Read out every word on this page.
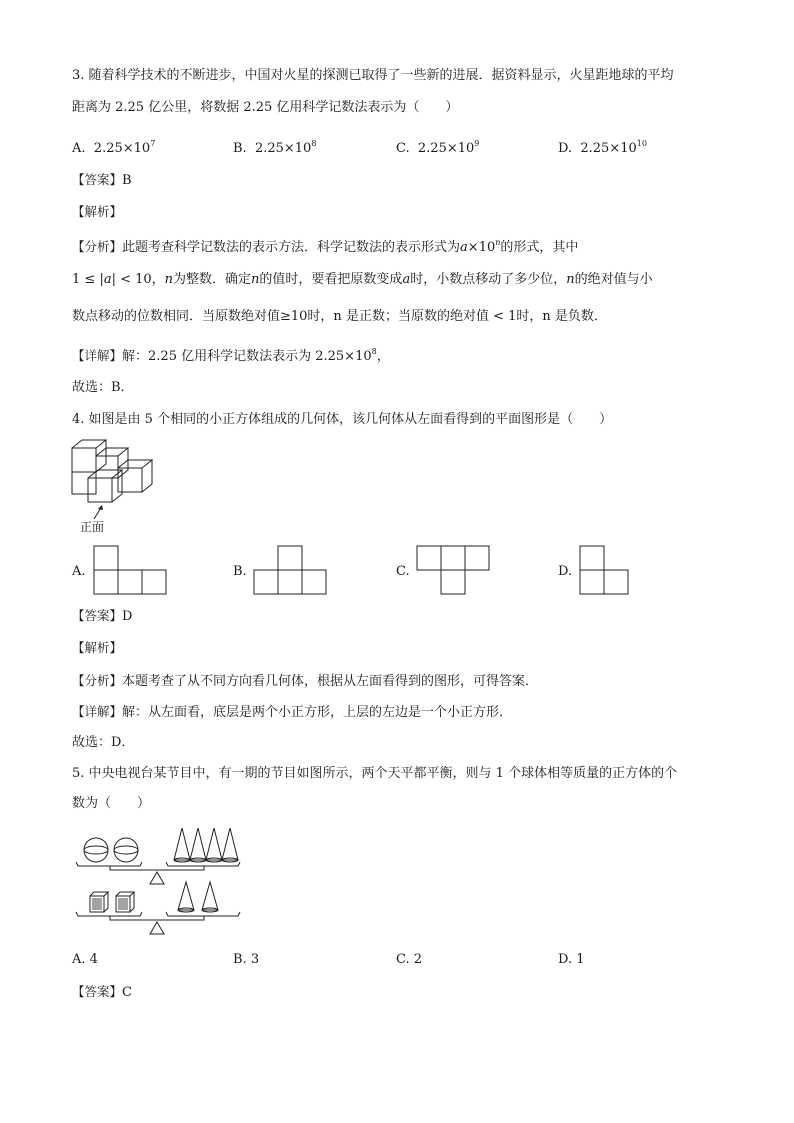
3. 随着科学技术的不断进步，中国对火星的探测已取得了一些新的进展．据资料显示，火星距地球的平均
距离为 2.25 亿公里，将数据 2.25 亿用科学记数法表示为（　　）
A. $2.25\times 10^7$	B. $2.25\times 10^8$	C. $2.25\times 10^9$	D. $2.25\times 10^{10}$
【答案】B
【解析】
【分析】此题考查科学记数法的表示方法．科学记数法的表示形式为$a\times 10^n$的形式，其中
1 ≤ |a| < 10，n为整数．确定n的值时，要看把原数变成a时，小数点移动了多少位，n的绝对值与小
数点移动的位数相同．当原数绝对值≥10时，n 是正数；当原数的绝对值 < 1时，n 是负数．
【详解】解：2.25 亿用科学记数法表示为 $2.25\times 10^8$，
故选：B．
4. 如图是由 5 个相同的小正方体组成的几何体，该几何体从左面看得到的平面图形是（　　）
正面
A.	B.	C.	D.
【答案】D
【解析】
【分析】本题考查了从不同方向看几何体，根据从左面看得到的图形，可得答案．
【详解】解：从左面看，底层是两个小正方形，上层的左边是一个小正方形．
故选：D．
5. 中央电视台某节目中，有一期的节目如图所示，两个天平都平衡，则与 1 个球体相等质量的正方体的个
数为（　　）
A. 4	B. 3	C. 2	D. 1
【答案】C
